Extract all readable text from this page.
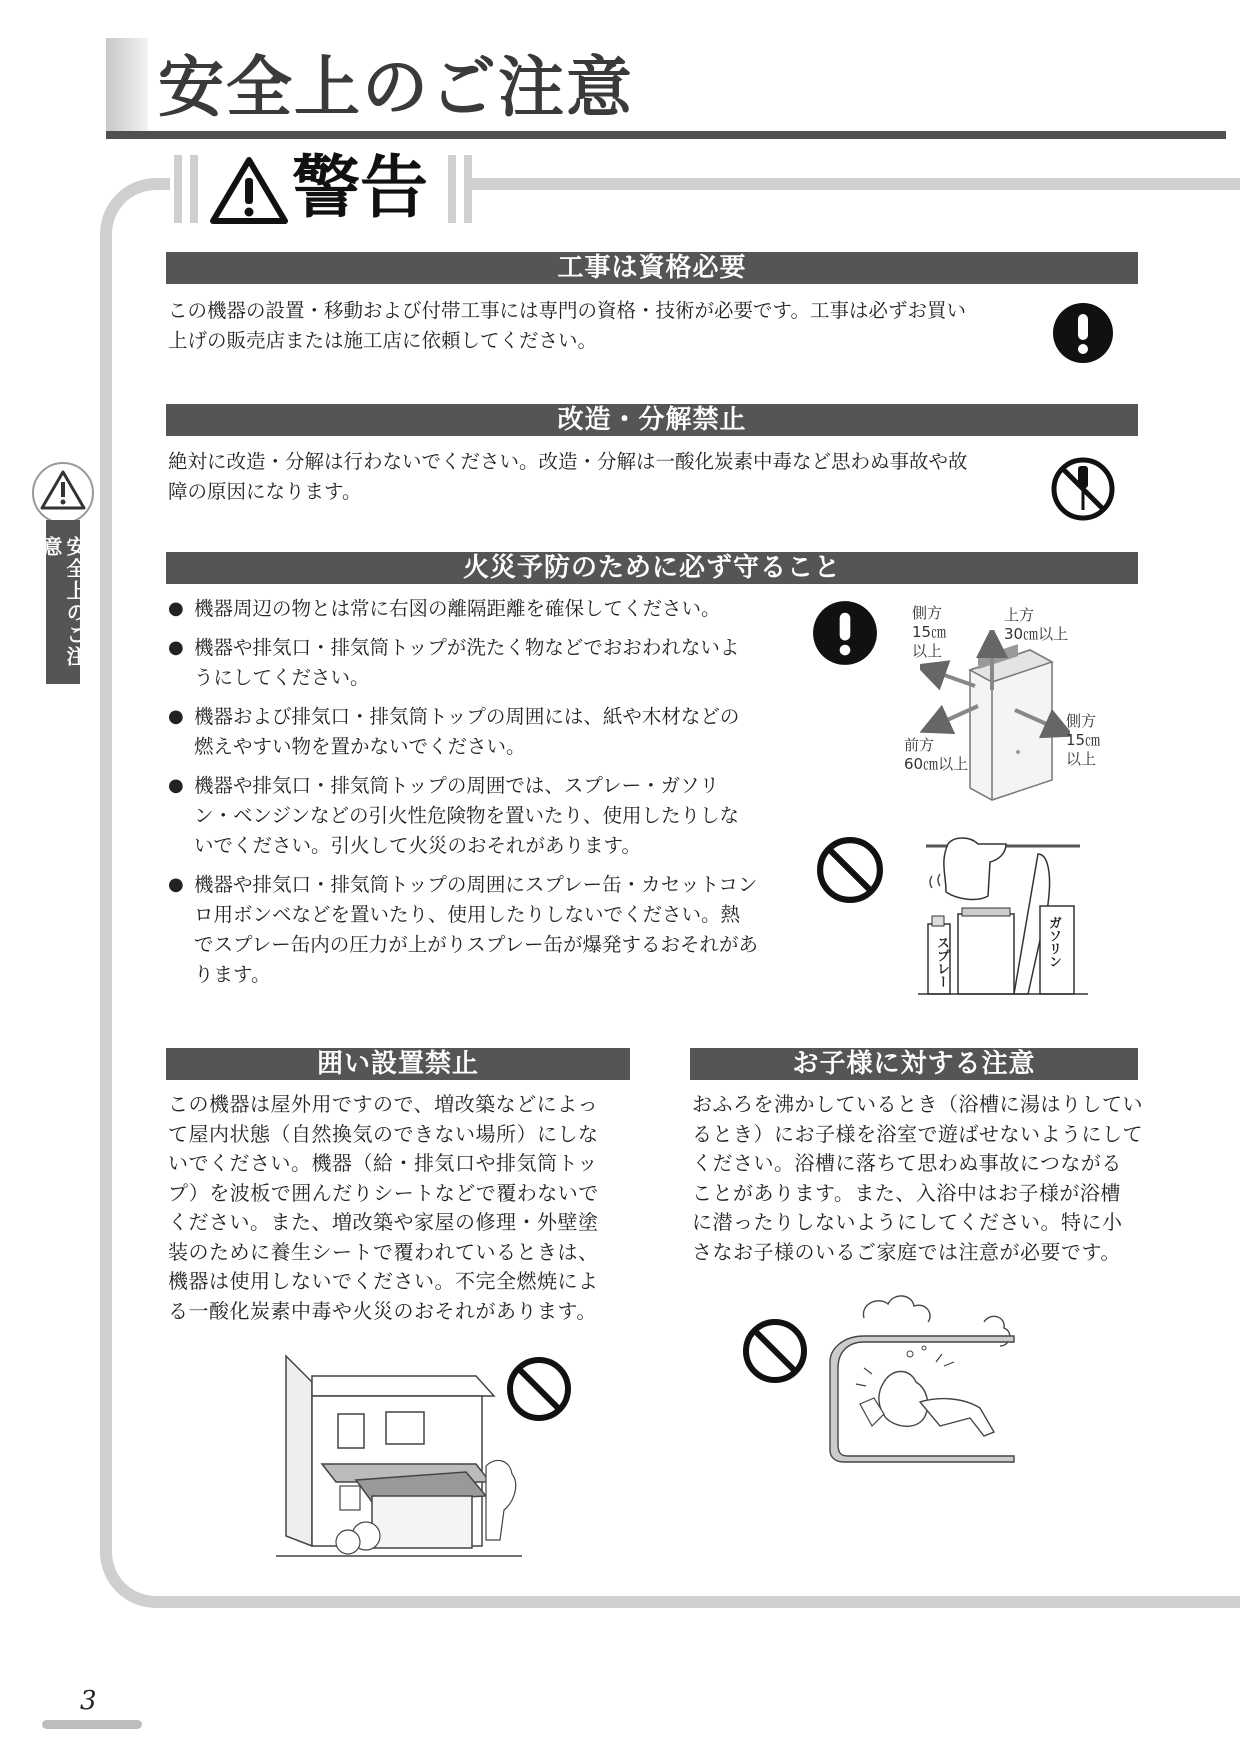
安全上のご注意
警告
安全上のご注意
工事は資格必要
この機器の設置・移動および付帯工事には専門の資格・技術が必要です。工事は必ずお買い
上げの販売店または施工店に依頼してください。
改造・分解禁止
絶対に改造・分解は行わないでください。改造・分解は一酸化炭素中毒など思わぬ事故や故
障の原因になります。
火災予防のために必ず守ること
● 機器周辺の物とは常に右図の離隔距離を確保してください。
● 機器や排気口・排気筒トップが洗たく物などでおおわれないようにしてください。
● 機器および排気口・排気筒トップの周囲には、紙や木材などの燃えやすい物を置かないでください。
● 機器や排気口・排気筒トップの周囲では、スプレー・ガソリン・ベンジンなどの引火性危険物を置いたり、使用したりしないでください。引火して火災のおそれがあります。
● 機器や排気口・排気筒トップの周囲にスプレー缶・カセットコンロ用ボンベなどを置いたり、使用したりしないでください。熱でスプレー缶内の圧力が上がりスプレー缶が爆発するおそれがあります。
側方
15㎝
以上
上方
30㎝以上
側方
15㎝
以上
前方
60㎝以上
スプレー	ガソリン
囲い設置禁止
この機器は屋外用ですので、増改築などによっ
て屋内状態（自然換気のできない場所）にしな
いでください。機器（給・排気口や排気筒トッ
プ）を波板で囲んだりシートなどで覆わないで
ください。また、増改築や家屋の修理・外壁塗
装のために養生シートで覆われているときは、
機器は使用しないでください。不完全燃焼によ
る一酸化炭素中毒や火災のおそれがあります。
お子様に対する注意
おふろを沸かしているとき（浴槽に湯はりしてい
るとき）にお子様を浴室で遊ばせないようにして
ください。浴槽に落ちて思わぬ事故につながる
ことがあります。また、入浴中はお子様が浴槽
に潜ったりしないようにしてください。特に小
さなお子様のいるご家庭では注意が必要です。
3
